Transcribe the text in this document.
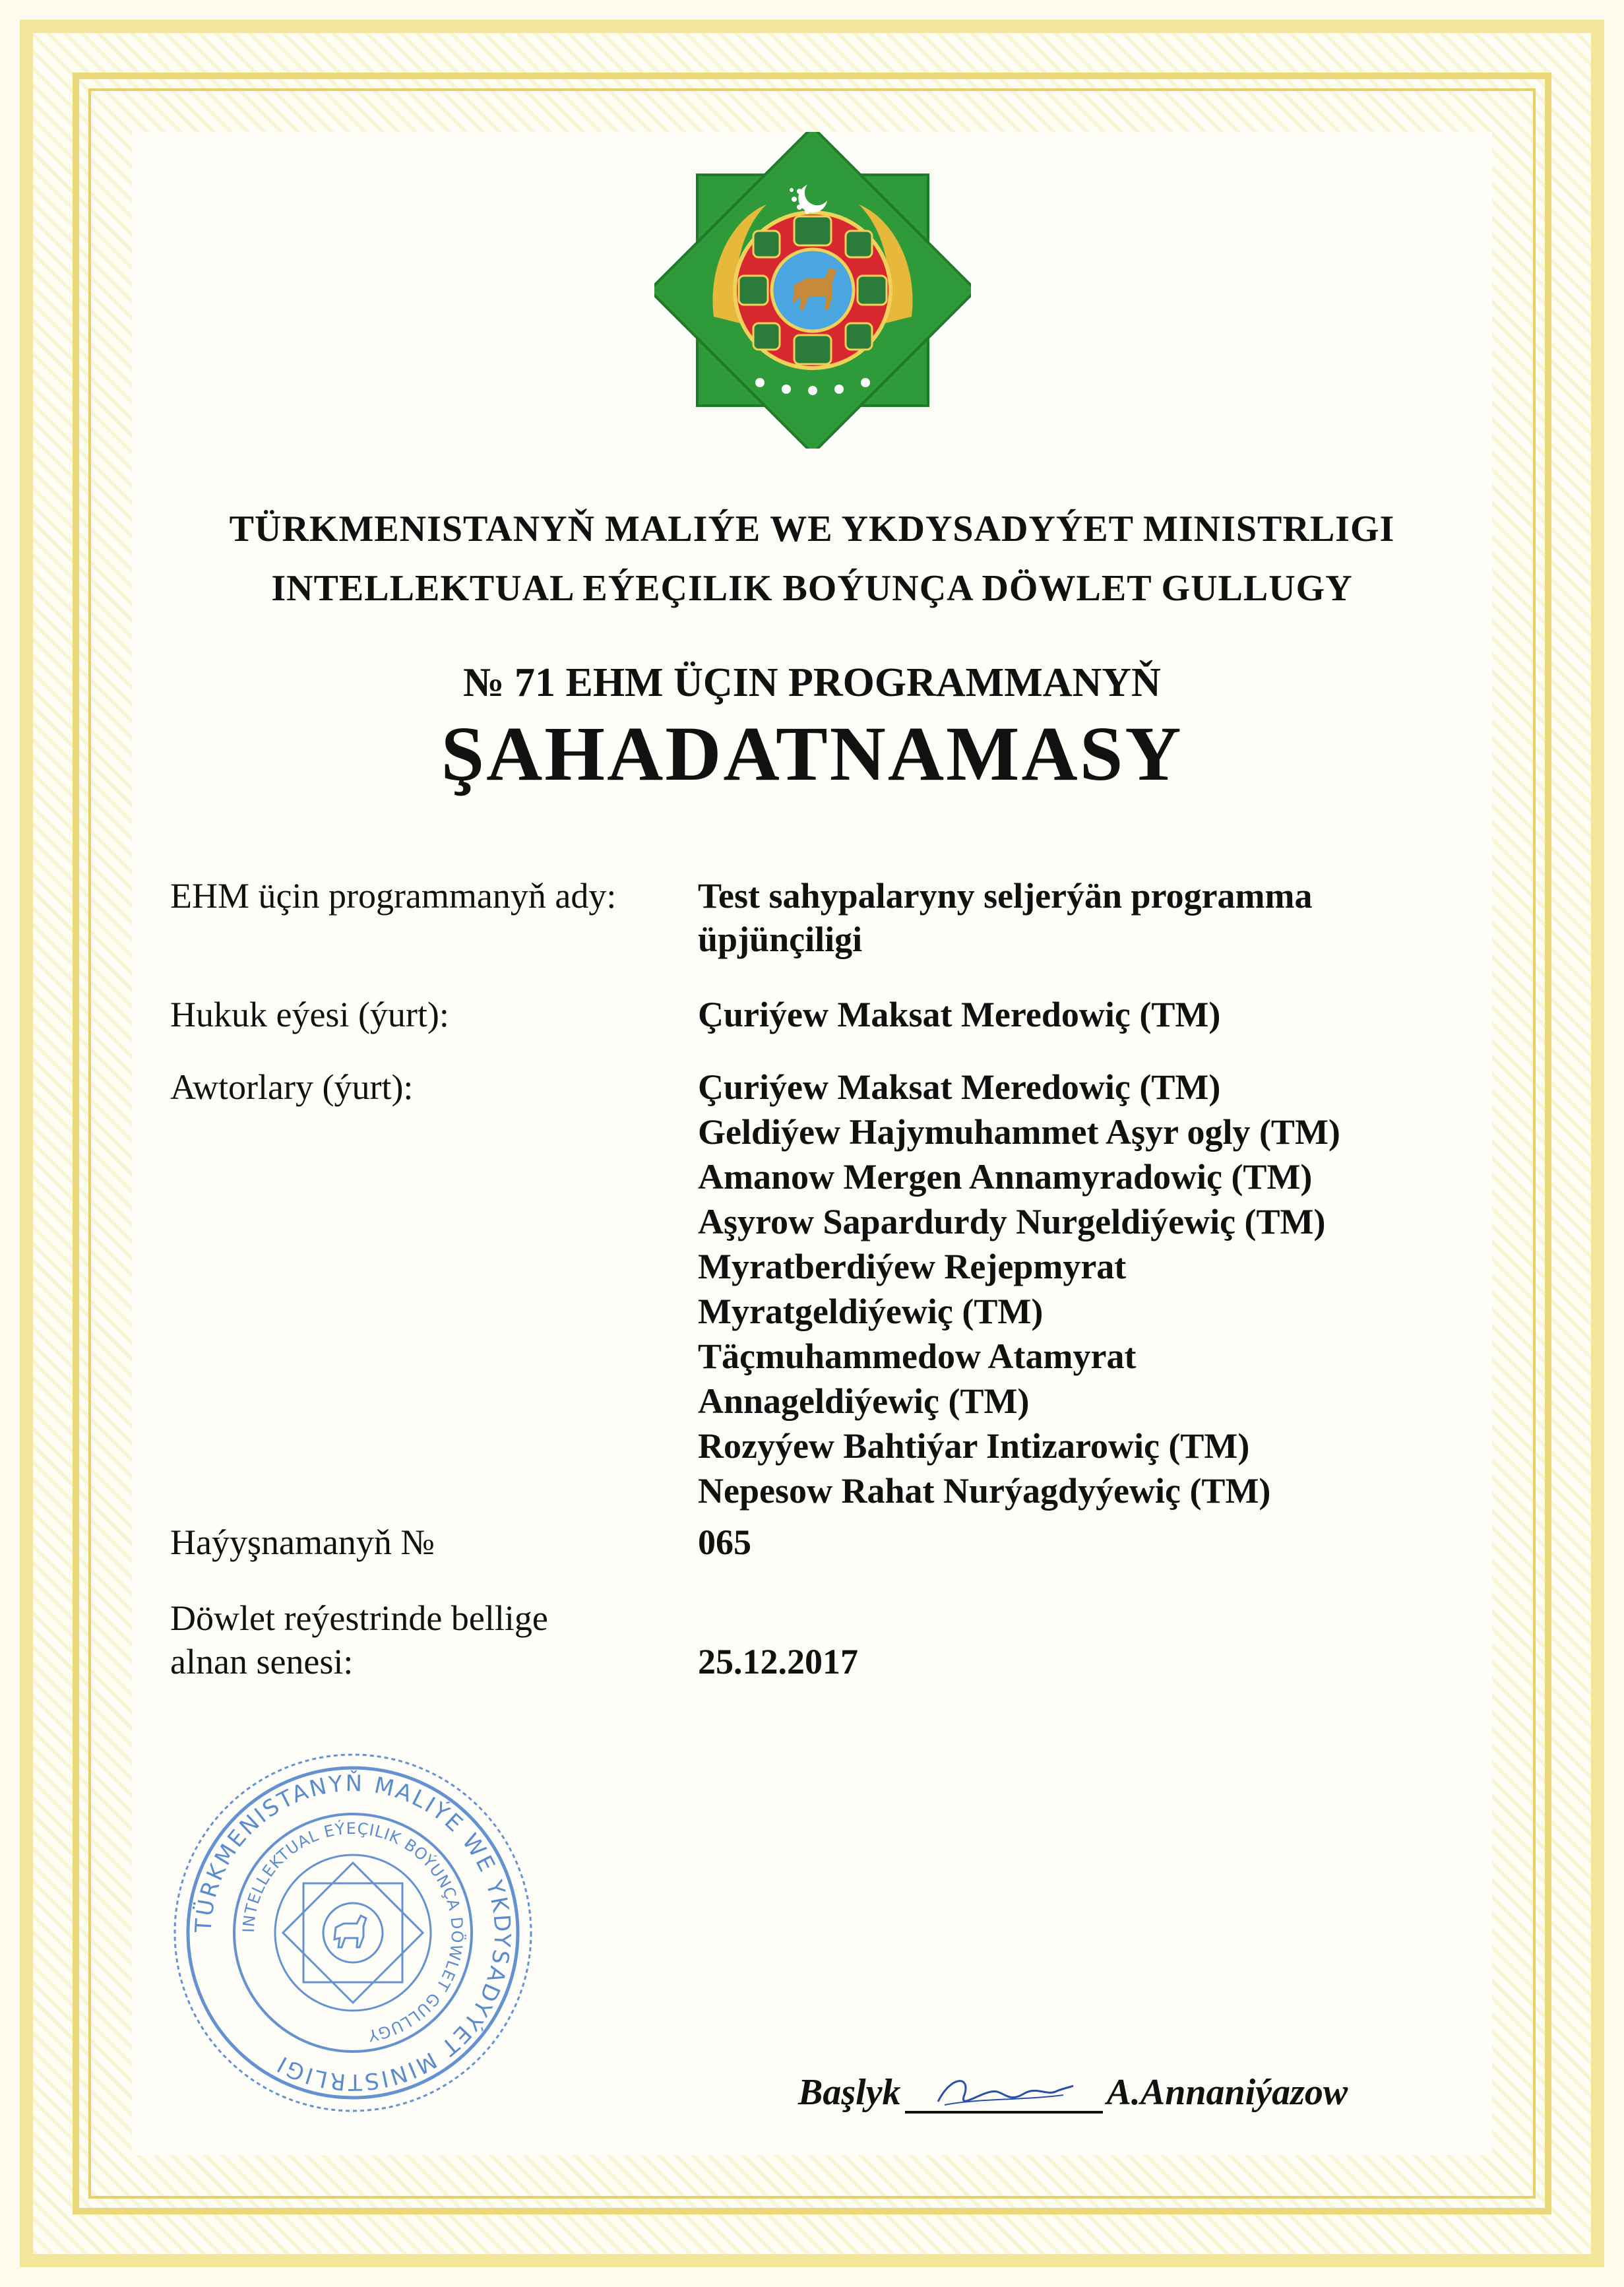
TÜRKMENISTANYŇ MALIÝE WE YKDYSADYÝET MINISTRLIGI
INTELLEKTUAL EÝEÇILIK BOÝUNÇA DÖWLET GULLUGY
№ 71 EHM ÜÇIN PROGRAMMANYŇ
ŞAHADATNAMASY
EHM üçin programmanyň ady:	Test sahypalaryny seljerýän programma
üpjünçiligi
Hukuk eýesi (ýurt):	Çuriýew Maksat Meredowiç (TM)
Awtorlary (ýurt):	Çuriýew Maksat Meredowiç (TM)
Geldiýew Hajymuhammet Aşyr ogly (TM)
Amanow Mergen Annamyradowiç (TM)
Aşyrow Sapardurdy Nurgeldiýewiç (TM)
Myratberdiýew Rejepmyrat
Myratgeldiýewiç (TM)
Täçmuhammedow Atamyrat
Annageldiýewiç (TM)
Rozyýew Bahtiýar Intizarowiç (TM)
Nepesow Rahat Nurýagdyýewiç (TM)
Haýyşnamanyň №	065
Döwlet reýestrinde bellige
alnan senesi:	25.12.2017
TÜRKMENISTANYŇ MALIÝE WE YKDYSADYÝET MINISTRLIGI
INTELLEKTUAL EÝEÇILIK BOÝUNÇA DÖWLET GULLUGY
Başlyk	A.Annaniýazow
